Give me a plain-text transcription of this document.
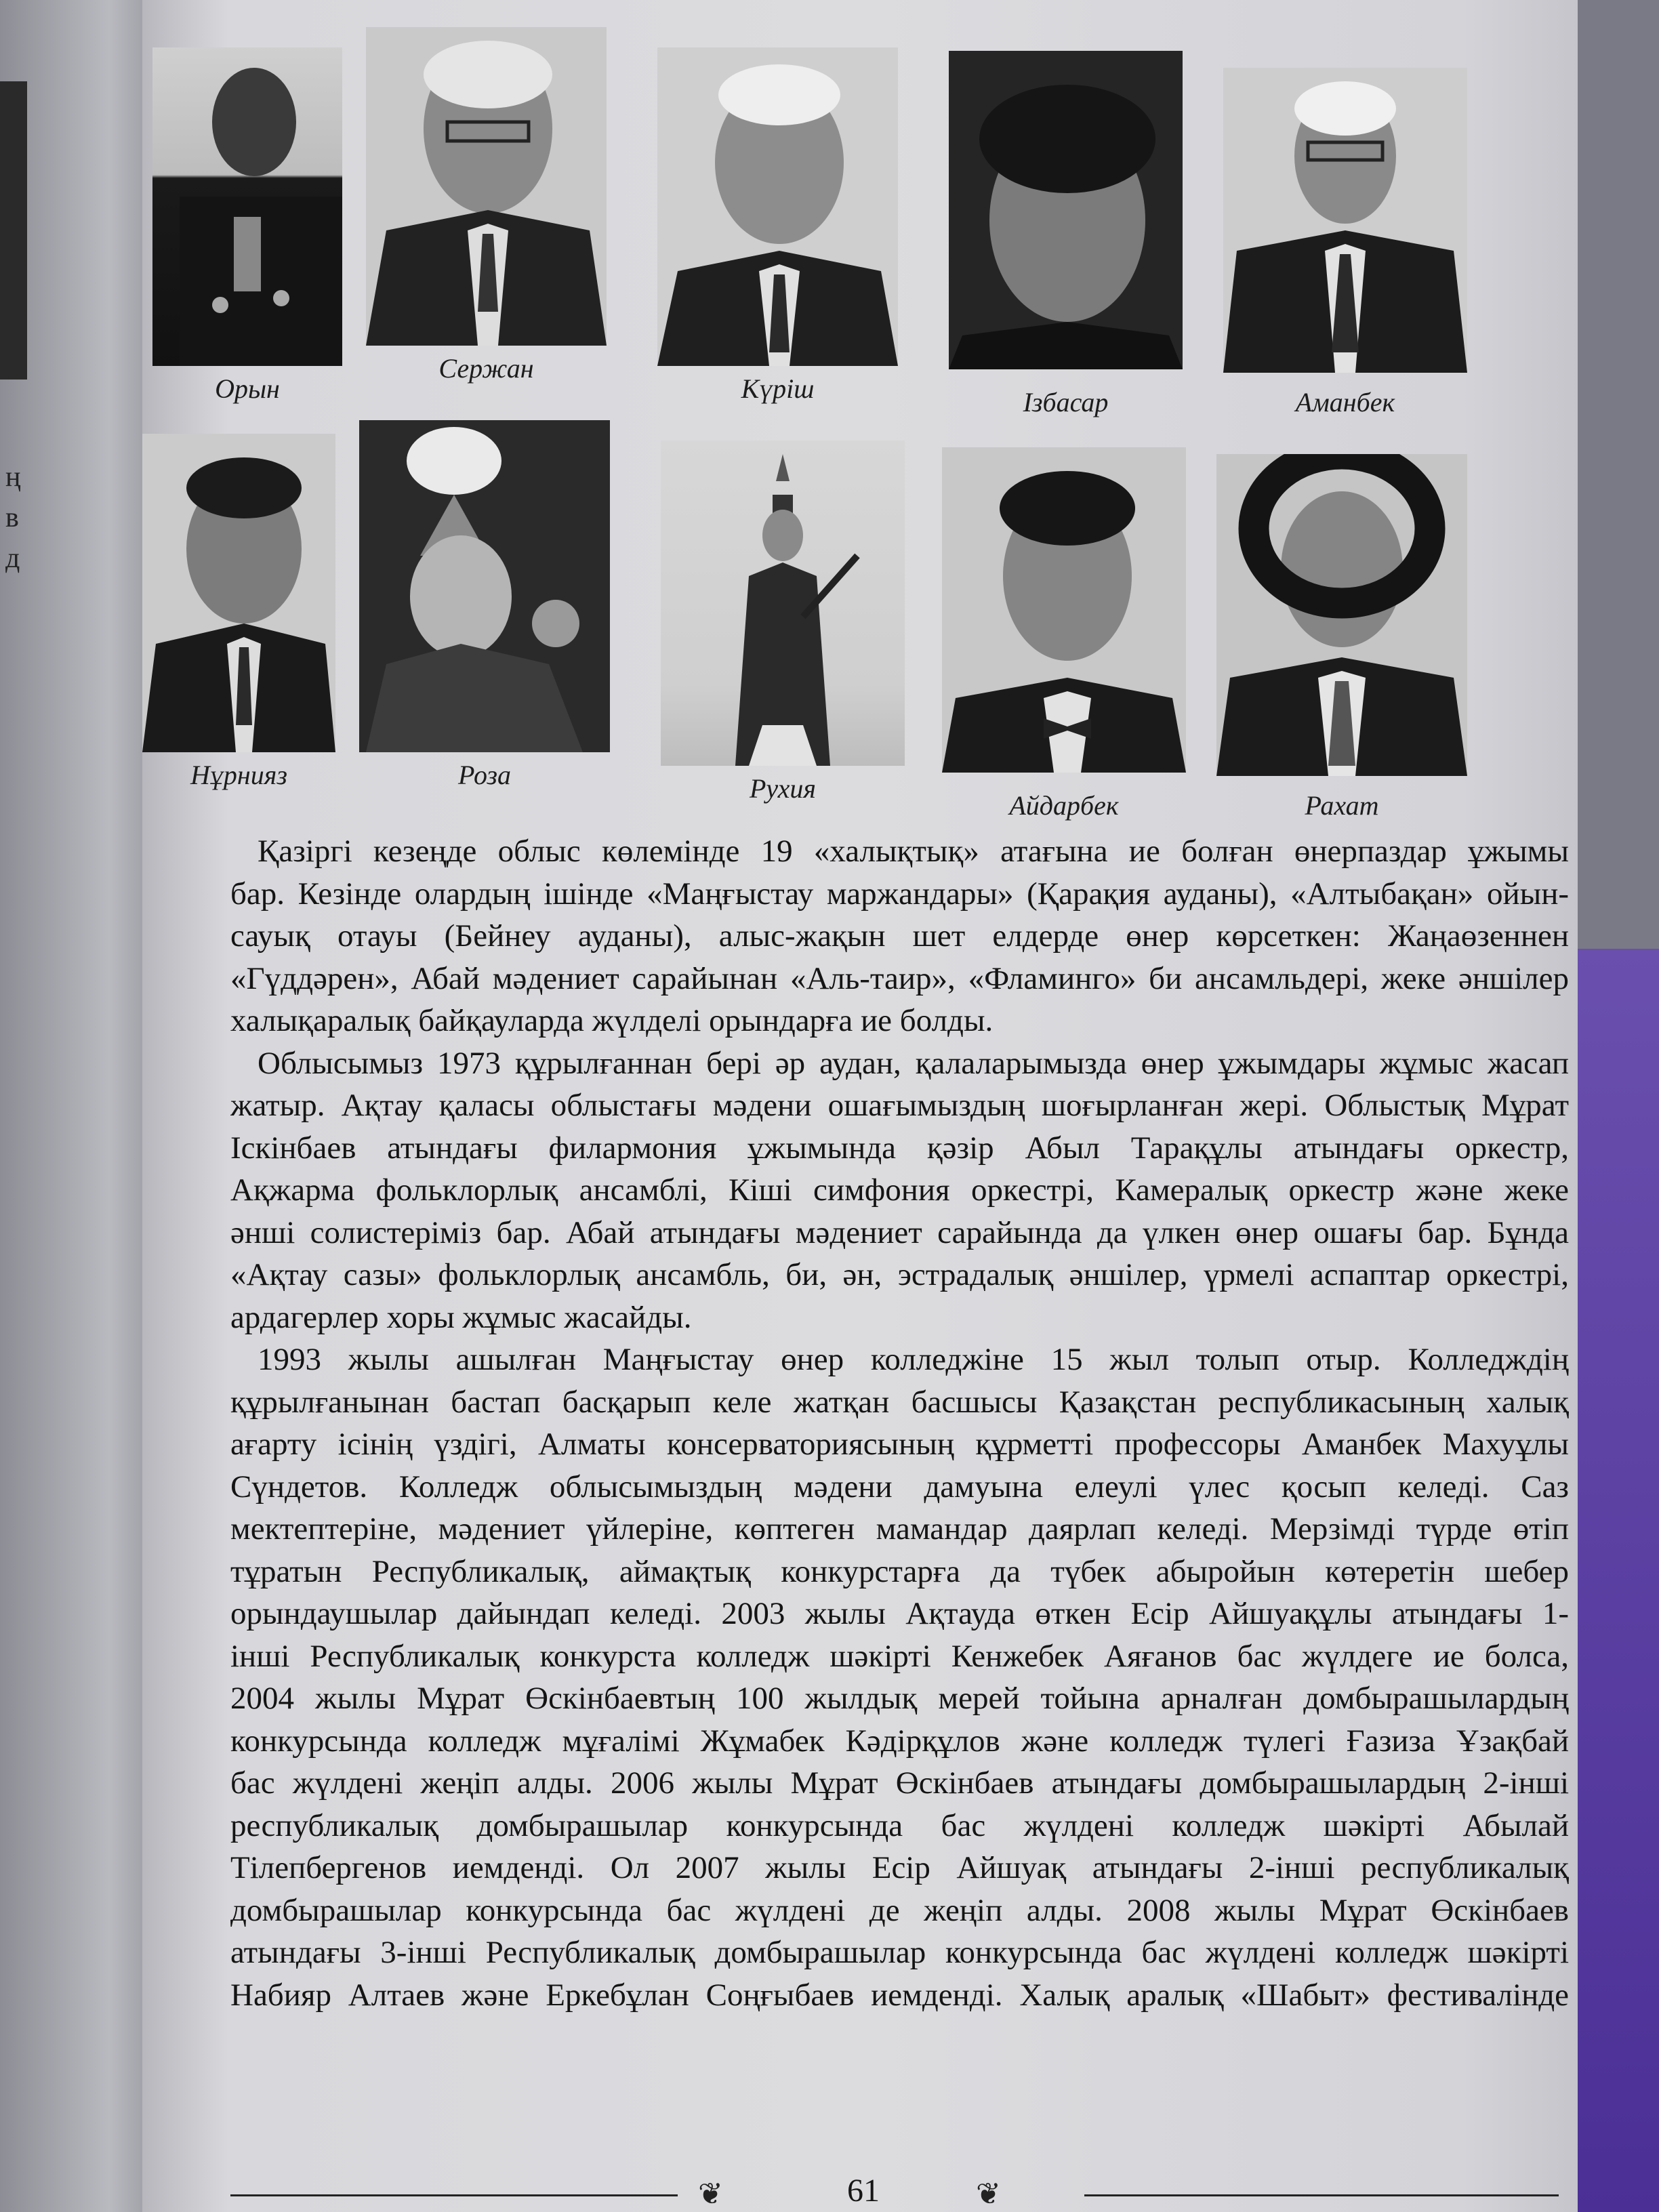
ң
в
д
Орын
Сержан
Күріш	Ізбасар	Аманбек
Нұрнияз	Роза	Рухия
Айдарбек	Рахат

Қазіргі кезеңде облыс көлемінде 19 «халықтық» атағына ие болған өнерпаздар ұжымы
бар. Кезінде олардың ішінде «Маңғыстау маржандары» (Қарақия ауданы), «Алтыбақан» ойын-
сауық отауы (Бейнеу ауданы), алыс-жақын шет елдерде өнер көрсеткен: Жаңаөзеннен
«Гүддәрен», Абай мәдениет сарайынан «Аль-таир», «Фламинго» би ансамльдері, жеке әншілер
халықаралық байқауларда жүлделі орындарға ие болды.

Облысымыз 1973 құрылғаннан бері әр аудан, қалаларымызда өнер ұжымдары жұмыс жасап
жатыр. Ақтау қаласы облыстағы мәдени ошағымыздың шоғырланған жері. Облыстық Мұрат
Іскінбаев атындағы филармония ұжымында қәзір Абыл Тарақұлы атындағы оркестр,
Ақжарма фольклорлық ансамблі, Кіші симфония оркестрі, Камералық оркестр және жеке
әнші солистеріміз бар. Абай атындағы мәдениет сарайында да үлкен өнер ошағы бар. Бұнда
«Ақтау сазы» фольклорлық ансамбль, би, ән, эстрадалық әншілер, үрмелі аспаптар оркестрі,
ардагерлер хоры жұмыс жасайды.

1993 жылы ашылған Маңғыстау өнер колледжіне 15 жыл толып отыр. Колледждің
құрылғанынан бастап басқарып келе жатқан басшысы Қазақстан республикасының халық
ағарту ісінің үздігі, Алматы консерваториясының құрметті профессоры Аманбек Махуұлы
Сүндетов. Колледж облысымыздың мәдени дамуына елеулі үлес қосып келеді. Саз
мектептеріне, мәдениет үйлеріне, көптеген мамандар даярлап келеді. Мерзімді түрде өтіп
тұратын Республикалық, аймақтық конкурстарға да түбек абыройын көтеретін шебер
орындаушылар дайындап келеді. 2003 жылы Ақтауда өткен Есір Айшуақұлы атындағы 1-
інші Республикалық конкурста колледж шәкірті Кенжебек Аяғанов бас жүлдеге ие болса,
2004 жылы Мұрат Өскінбаевтың 100 жылдық мерей тойына арналған домбырашылардың
конкурсында колледж мұғалімі Жұмабек Кәдірқұлов және колледж түлегі Ғазиза Ұзақбай
бас жүлдені жеңіп алды. 2006 жылы Мұрат Өскінбаев атындағы домбырашылардың 2-інші
республикалық домбырашылар конкурсында бас жүлдені колледж шәкірті Абылай
Тілепбергенов иемденді. Ол 2007 жылы Есір Айшуақ атындағы 2-інші республикалық
домбырашылар конкурсында бас жүлдені де жеңіп алды. 2008 жылы Мұрат Өскінбаев
атындағы 3-інші Республикалық домбырашылар конкурсында бас жүлдені колледж шәкірті
Набияр Алтаев және Еркебұлан Соңғыбаев иемденді. Халық аралық «Шабыт» фестивалінде

❦	61	❦
